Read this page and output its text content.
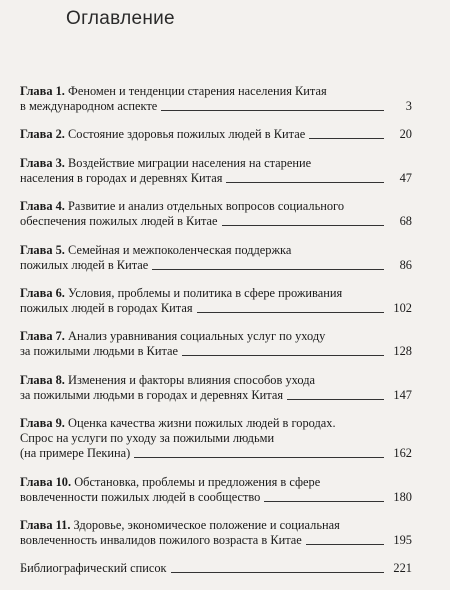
Оглавление
Глава 1. Феномен и тенденции старения населения Китая
в международном аспекте	3
Глава 2. Состояние здоровья пожилых людей в Китае	20
Глава 3. Воздействие миграции населения на старение
населения в городах и деревнях Китая	47
Глава 4. Развитие и анализ отдельных вопросов социального
обеспечения пожилых людей в Китае	68
Глава 5. Семейная и межпоколенческая поддержка
пожилых людей в Китае	86
Глава 6. Условия, проблемы и политика в сфере проживания
пожилых людей в городах Китая	102
Глава 7. Анализ уравнивания социальных услуг по уходу
за пожилыми людьми в Китае	128
Глава 8. Изменения и факторы влияния способов ухода
за пожилыми людьми в городах и деревнях Китая	147
Глава 9. Оценка качества жизни пожилых людей в городах.
Спрос на услуги по уходу за пожилыми людьми
(на примере Пекина)	162
Глава 10. Обстановка, проблемы и предложения в сфере
вовлеченности пожилых людей в сообщество	180
Глава 11. Здоровье, экономическое положение и социальная
вовлеченность инвалидов пожилого возраста в Китае	195
Библиографический список	221
